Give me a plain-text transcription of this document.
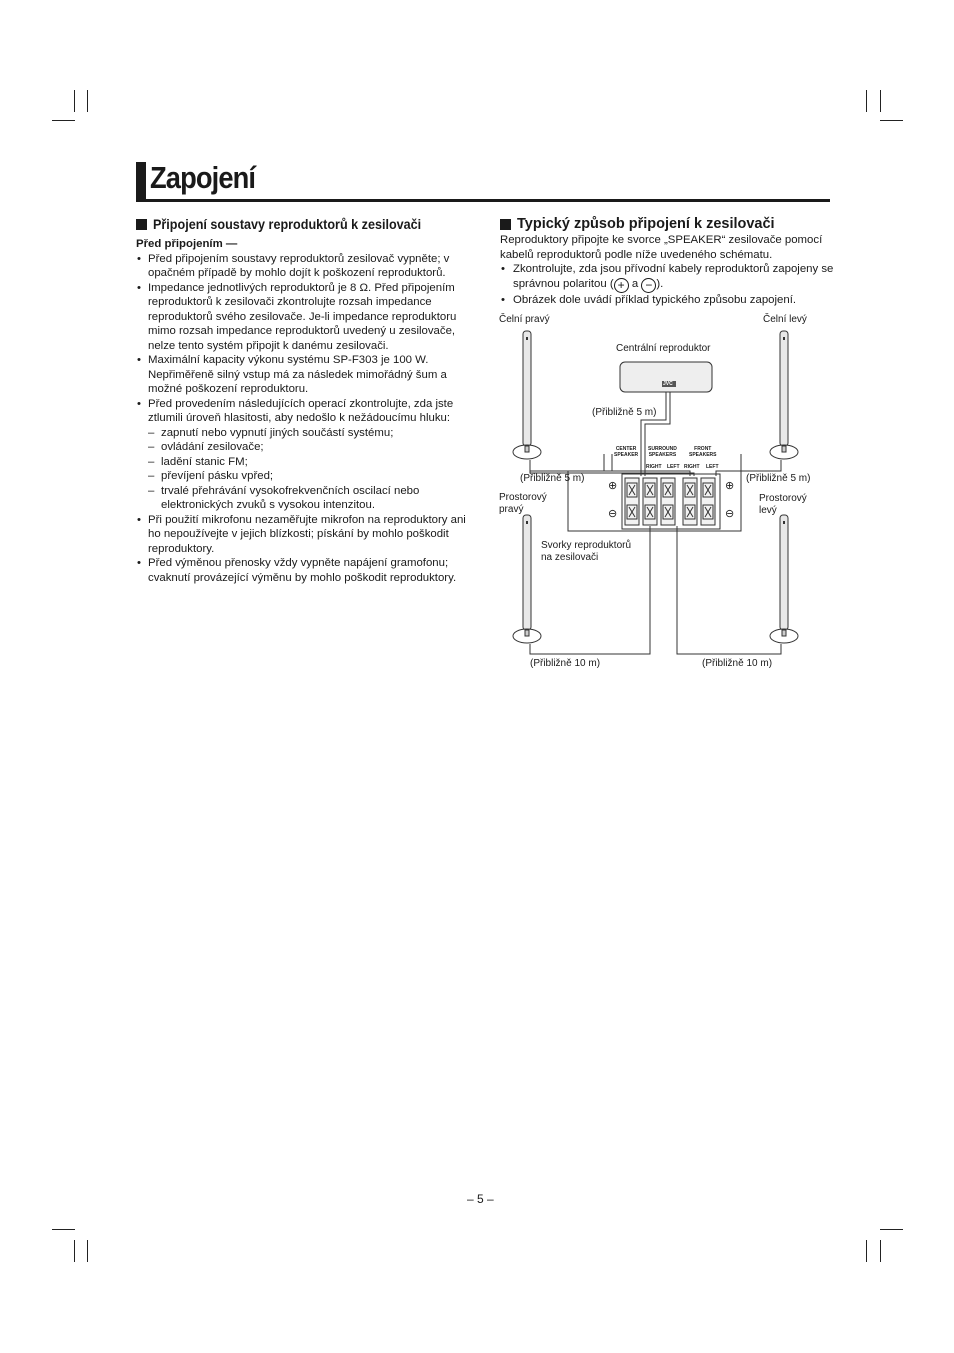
Zapojení
Připojení soustavy reproduktorů k zesilovači
Před připojením —
• Před připojením soustavy reproduktorů zesilovač vypněte; v opačném případě by mohlo dojít k poškození reproduktorů.
• Impedance jednotlivých reproduktorů je 8 Ω. Před připojením reproduktorů k zesilovači zkontrolujte rozsah impedance reproduktorů svého zesilovače. Je-li impedance reproduktoru mimo rozsah impedance reproduktorů uvedený u zesilovače, nelze tento systém připojit k danému zesilovači.
• Maximální kapacity výkonu systému SP-F303 je 100 W. Nepřiměřeně silný vstup má za následek mimořádný šum a možné poškození reproduktoru.
• Před provedením následujících operací zkontrolujte, zda jste ztlumili úroveň hlasitosti, aby nedošlo k nežádoucímu hluku:
– zapnutí nebo vypnutí jiných součástí systému;
– ovládání zesilovače;
– ladění stanic FM;
– převíjení pásku vpřed;
– trvalé přehrávání vysokofrekvenčních oscilací nebo elektronických zvuků s vysokou intenzitou.
• Při použití mikrofonu nezaměřujte mikrofon na reproduktory ani ho nepoužívejte v jejich blízkosti; pískání by mohlo poškodit reproduktory.
• Před výměnou přenosky vždy vypněte napájení gramofonu; cvaknutí provázející výměnu by mohlo poškodit reproduktory.
Typický způsob připojení k zesilovači
Reproduktory připojte ke svorce „SPEAKER“ zesilovače pomocí kabelů reproduktorů podle níže uvedeného schématu.
• Zkontrolujte, zda jsou přívodní kabely reproduktorů zapojeny se správnou polaritou ( + a − ).
• Obrázek dole uvádí příklad typického způsobu zapojení.
Čelní pravý	Čelní levý
Centrální reproduktor
(Přibližně 5 m)
(Přibližně 5 m)	(Přibližně 5 m)
Prostorový
pravý
Prostorový
levý
Svorky reproduktorů
na zesilovači
(Přibližně 10 m)	(Přibližně 10 m)
CENTER
SPEAKER
SURROUND
SPEAKERS
FRONT
SPEAKERS
RIGHT LEFT RIGHT LEFT
⊕
⊖
⊕
⊖
JVC
– 5 –
